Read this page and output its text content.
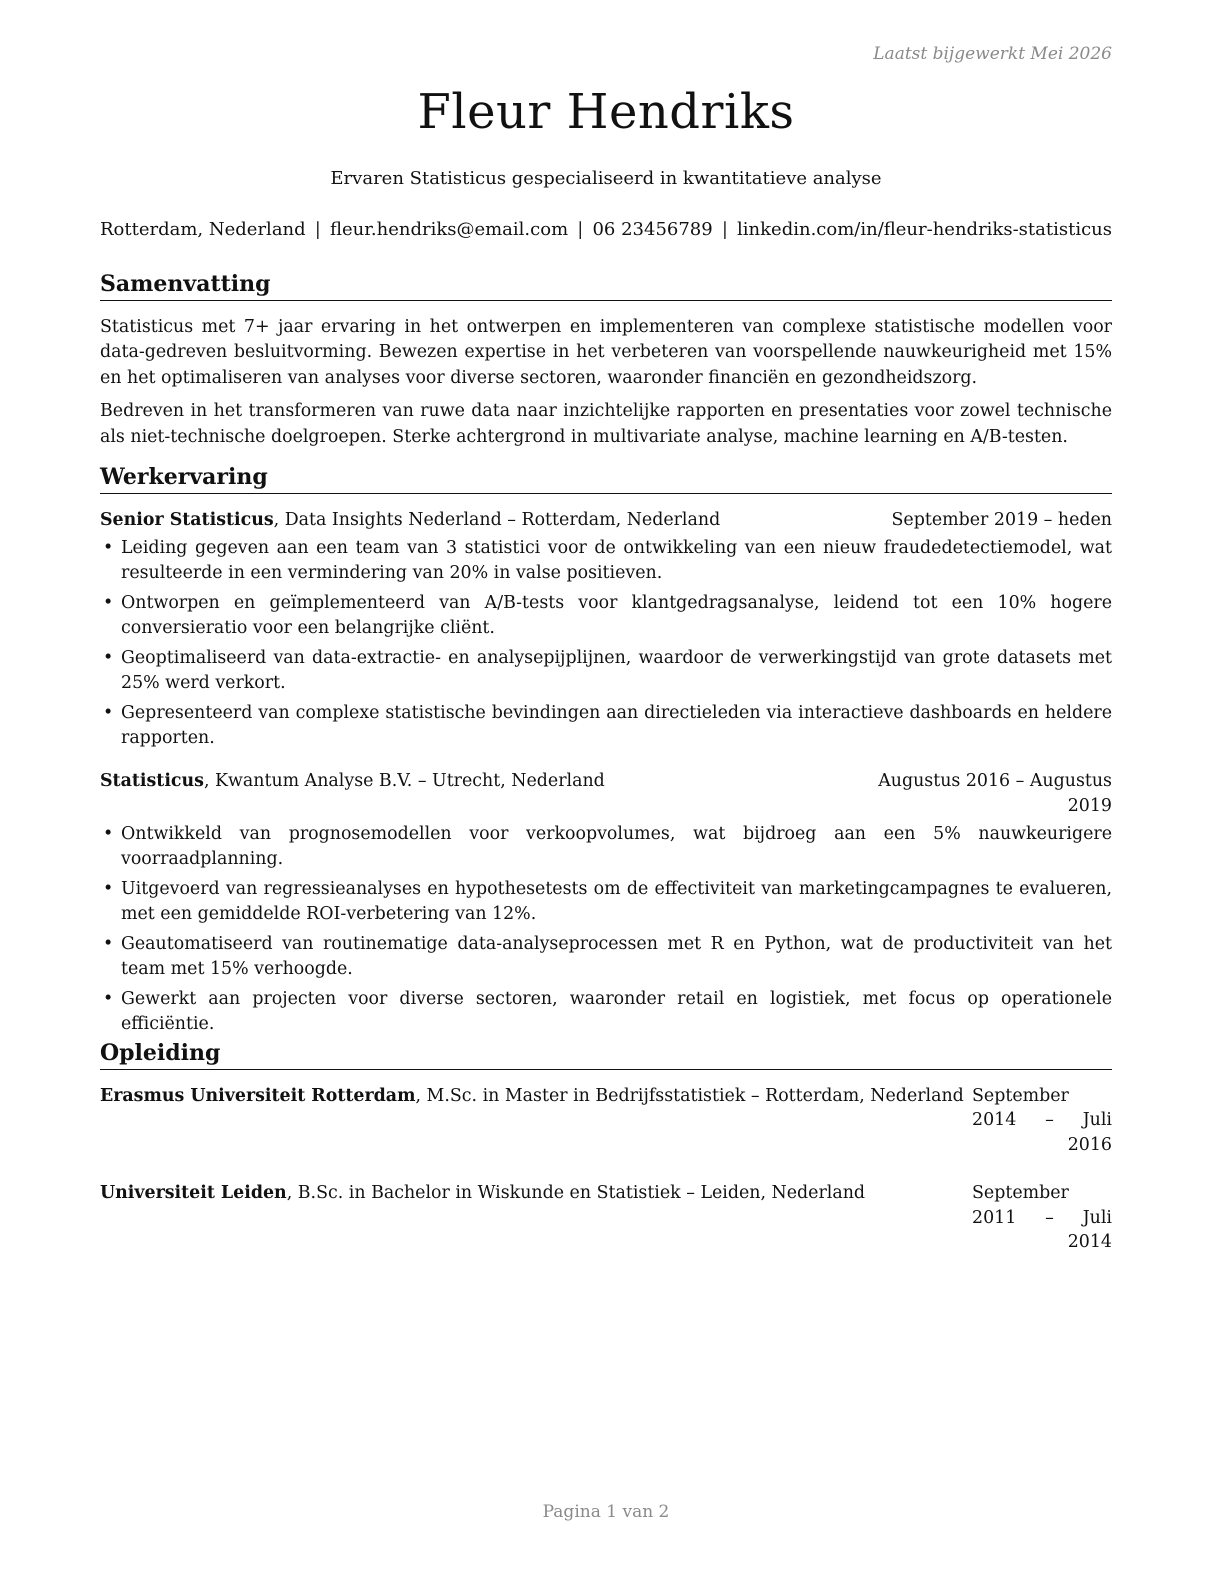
Laatst bijgewerkt Mei 2026
Fleur Hendriks
Ervaren Statisticus gespecialiseerd in kwantitatieve analyse
Rotterdam, Nederland | fleur.hendriks@email.com | 06 23456789 | linkedin.com/in/fleur-hendriks-statisticus
Samenvatting

Statisticus met 7+ jaar ervaring in het ontwerpen en implementeren van complexe statistische modellen voor data-gedreven besluitvorming. Bewezen expertise in het verbeteren van voorspellende nauwkeurigheid met 15% en het optimaliseren van analyses voor diverse sectoren, waaronder financiën en gezondheidszorg.

Bedreven in het transformeren van ruwe data naar inzichtelijke rapporten en presentaties voor zowel technische als niet-technische doelgroepen. Sterke achtergrond in multivariate analyse, machine learning en A/B-testen.

Werkervaring
Senior Statisticus, Data Insights Nederland – Rotterdam, Nederland	September 2019 – heden
• Leiding gegeven aan een team van 3 statistici voor de ontwikkeling van een nieuw fraudedetectiemodel, wat resulteerde in een vermindering van 20% in valse positieven.
• Ontworpen en geïmplementeerd van A/B-tests voor klantgedragsanalyse, leidend tot een 10% hogere conversieratio voor een belangrijke cliënt.
• Geoptimaliseerd van data-extractie- en analysepijplijnen, waardoor de verwerkingstijd van grote datasets met 25% werd verkort.
• Gepresenteerd van complexe statistische bevindingen aan directieleden via interactieve dashboards en heldere rapporten.
Statisticus, Kwantum Analyse B.V. – Utrecht, Nederland	Augustus 2016 – Augustus 2019
• Ontwikkeld van prognosemodellen voor verkoopvolumes, wat bijdroeg aan een 5% nauwkeurigere voorraadplanning.
• Uitgevoerd van regressieanalyses en hypothesetests om de effectiviteit van marketingcampagnes te evalueren, met een gemiddelde ROI-verbetering van 12%.
• Geautomatiseerd van routinematige data-analyseprocessen met R en Python, wat de productiviteit van het team met 15% verhoogde.
• Gewerkt aan projecten voor diverse sectoren, waaronder retail en logistiek, met focus op operationele efficiëntie.
Opleiding
Erasmus Universiteit Rotterdam, M.Sc. in Master in Bedrijfsstatistiek – Rotterdam, Nederland September 2014 – Juli 2016
Universiteit Leiden, B.Sc. in Bachelor in Wiskunde en Statistiek – Leiden, Nederland	September 2011 – Juli 2014
Pagina 1 van 2
